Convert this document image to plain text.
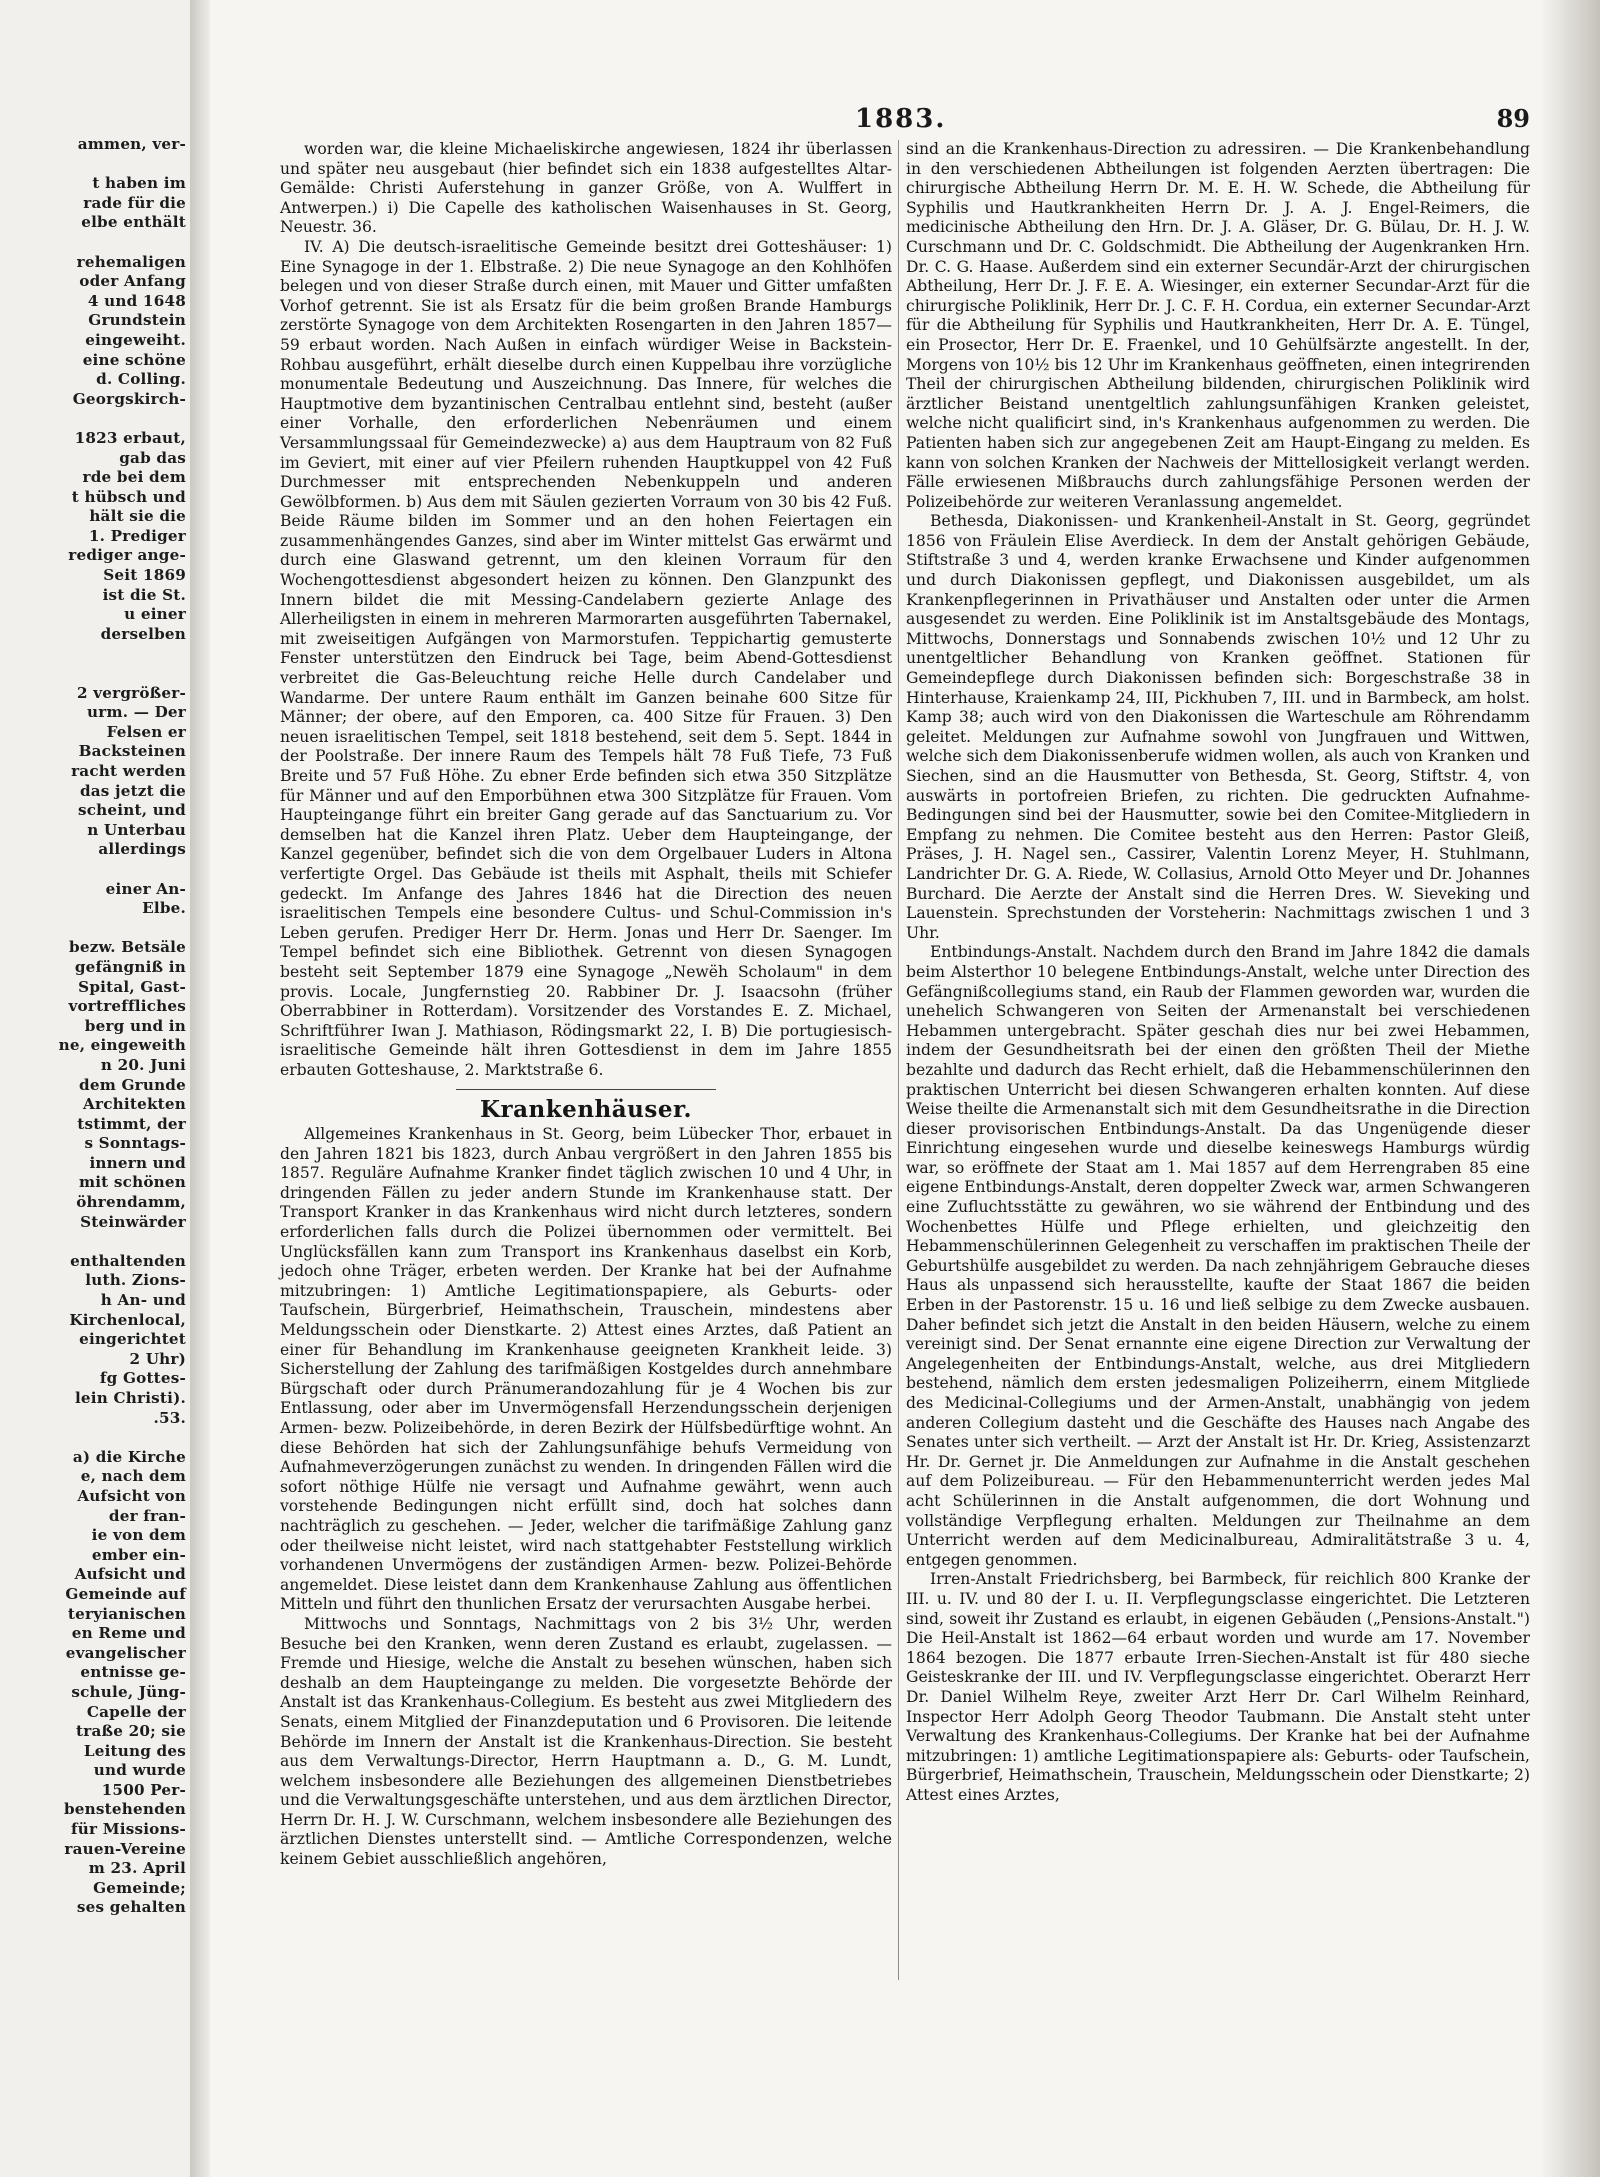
ammen, ver-

t haben im
rade für die
elbe enthält

rehemaligen
oder Anfang
4 und 1648
Grundstein
eingeweiht.
eine schöne
d. Colling.
Georgskirch-

1823 erbaut,
gab das
rde bei dem
t hübsch und
hält sie die
1. Prediger
rediger ange-
Seit 1869
ist die St.
u einer
derselben

2 vergrößer-
urm. — Der
Felsen er
Backsteinen
racht werden
das jetzt die
scheint, und
n Unterbau
allerdings

einer An-
Elbe.

bezw. Betsäle
gefängniß in
Spital, Gast-
vortreffliches
berg und in
ne, eingeweith
n 20. Juni
dem Grunde
Architekten
tstimmt, der
s Sonntags-
innern und
mit schönen
öhrendamm,
Steinwärder

enthaltenden
luth. Zions-
h An- und
Kirchenlocal,
eingerichtet
2 Uhr)
fg Gottes-
lein Christi).
.53.

a) die Kirche
e, nach dem
Aufsicht von
der fran-
ie von dem
ember ein-
Aufsicht und
Gemeinde auf
teryianischen
en Reme und
evangelischer
entnisse ge-
schule, Jüng-
Capelle der
traße 20; sie
Leitung des
und wurde
1500 Per-
benstehenden
für Missions-
rauen-Vereine
m 23. April
Gemeinde;
ses gehalten
1883.	89

worden war, die kleine Michaeliskirche angewiesen, 1824 ihr überlassen und später neu ausgebaut (hier befindet sich ein 1838 aufgestelltes Altar-Gemälde: Christi Auferstehung in ganzer Größe, von A. Wulffert in Antwerpen.) i) Die Capelle des katholischen Waisenhauses in St. Georg, Neuestr. 36.

IV. A) Die deutsch-israelitische Gemeinde besitzt drei Gotteshäuser: 1) Eine Synagoge in der 1. Elbstraße. 2) Die neue Synagoge an den Kohlhöfen belegen und von dieser Straße durch einen, mit Mauer und Gitter umfaßten Vorhof getrennt. Sie ist als Ersatz für die beim großen Brande Hamburgs zerstörte Synagoge von dem Architekten Rosengarten in den Jahren 1857—59 erbaut worden. Nach Außen in einfach würdiger Weise in Backstein-Rohbau ausgeführt, erhält dieselbe durch einen Kuppelbau ihre vorzügliche monumentale Bedeutung und Auszeichnung. Das Innere, für welches die Hauptmotive dem byzantinischen Centralbau entlehnt sind, besteht (außer einer Vorhalle, den erforderlichen Nebenräumen und einem Versammlungssaal für Gemeindezwecke) a) aus dem Hauptraum von 82 Fuß im Geviert, mit einer auf vier Pfeilern ruhenden Hauptkuppel von 42 Fuß Durchmesser mit entsprechenden Nebenkuppeln und anderen Gewölbformen. b) Aus dem mit Säulen gezierten Vorraum von 30 bis 42 Fuß. Beide Räume bilden im Sommer und an den hohen Feiertagen ein zusammenhängendes Ganzes, sind aber im Winter mittelst Gas erwärmt und durch eine Glaswand getrennt, um den kleinen Vorraum für den Wochengottesdienst abgesondert heizen zu können. Den Glanzpunkt des Innern bildet die mit Messing-Candelabern gezierte Anlage des Allerheiligsten in einem in mehreren Marmorarten ausgeführten Tabernakel, mit zweiseitigen Aufgängen von Marmorstufen. Teppichartig gemusterte Fenster unterstützen den Eindruck bei Tage, beim Abend-Gottesdienst verbreitet die Gas-Beleuchtung reiche Helle durch Candelaber und Wandarme. Der untere Raum enthält im Ganzen beinahe 600 Sitze für Männer; der obere, auf den Emporen, ca. 400 Sitze für Frauen. 3) Den neuen israelitischen Tempel, seit 1818 bestehend, seit dem 5. Sept. 1844 in der Poolstraße. Der innere Raum des Tempels hält 78 Fuß Tiefe, 73 Fuß Breite und 57 Fuß Höhe. Zu ebner Erde befinden sich etwa 350 Sitzplätze für Männer und auf den Emporbühnen etwa 300 Sitzplätze für Frauen. Vom Haupteingange führt ein breiter Gang gerade auf das Sanctuarium zu. Vor demselben hat die Kanzel ihren Platz. Ueber dem Haupteingange, der Kanzel gegenüber, befindet sich die von dem Orgelbauer Luders in Altona verfertigte Orgel. Das Gebäude ist theils mit Asphalt, theils mit Schiefer gedeckt. Im Anfange des Jahres 1846 hat die Direction des neuen israelitischen Tempels eine besondere Cultus- und Schul-Commission in's Leben gerufen. Prediger Herr Dr. Herm. Jonas und Herr Dr. Saenger. Im Tempel befindet sich eine Bibliothek. Getrennt von diesen Synagogen besteht seit September 1879 eine Synagoge „Newëh Scholaum" in dem provis. Locale, Jungfernstieg 20. Rabbiner Dr. J. Isaacsohn (früher Oberrabbiner in Rotterdam). Vorsitzender des Vorstandes E. Z. Michael, Schriftführer Iwan J. Mathiason, Rödingsmarkt 22, I. B) Die portugiesisch-israelitische Gemeinde hält ihren Gottesdienst in dem im Jahre 1855 erbauten Gotteshause, 2. Marktstraße 6.

Krankenhäuser.

Allgemeines Krankenhaus in St. Georg, beim Lübecker Thor, erbauet in den Jahren 1821 bis 1823, durch Anbau vergrößert in den Jahren 1855 bis 1857. Reguläre Aufnahme Kranker findet täglich zwischen 10 und 4 Uhr, in dringenden Fällen zu jeder andern Stunde im Krankenhause statt. Der Transport Kranker in das Krankenhaus wird nicht durch letzteres, sondern erforderlichen falls durch die Polizei übernommen oder vermittelt. Bei Unglücksfällen kann zum Transport ins Krankenhaus daselbst ein Korb, jedoch ohne Träger, erbeten werden. Der Kranke hat bei der Aufnahme mitzubringen: 1) Amtliche Legitimationspapiere, als Geburts- oder Taufschein, Bürgerbrief, Heimathschein, Trauschein, mindestens aber Meldungsschein oder Dienstkarte. 2) Attest eines Arztes, daß Patient an einer für Behandlung im Krankenhause geeigneten Krankheit leide. 3) Sicherstellung der Zahlung des tarifmäßigen Kostgeldes durch annehmbare Bürgschaft oder durch Pränumerandozahlung für je 4 Wochen bis zur Entlassung, oder aber im Unvermögensfall Herzendungsschein derjenigen Armen- bezw. Polizeibehörde, in deren Bezirk der Hülfsbedürftige wohnt. An diese Behörden hat sich der Zahlungsunfähige behufs Vermeidung von Aufnahmeverzögerungen zunächst zu wenden. In dringenden Fällen wird die sofort nöthige Hülfe nie versagt und Aufnahme gewährt, wenn auch vorstehende Bedingungen nicht erfüllt sind, doch hat solches dann nachträglich zu geschehen. — Jeder, welcher die tarifmäßige Zahlung ganz oder theilweise nicht leistet, wird nach stattgehabter Feststellung wirklich vorhandenen Unvermögens der zuständigen Armen- bezw. Polizei-Behörde angemeldet. Diese leistet dann dem Krankenhause Zahlung aus öffentlichen Mitteln und führt den thunlichen Ersatz der verursachten Ausgabe herbei.

Mittwochs und Sonntags, Nachmittags von 2 bis 3½ Uhr, werden Besuche bei den Kranken, wenn deren Zustand es erlaubt, zugelassen. — Fremde und Hiesige, welche die Anstalt zu besehen wünschen, haben sich deshalb an dem Haupteingange zu melden. Die vorgesetzte Behörde der Anstalt ist das Krankenhaus-Collegium. Es besteht aus zwei Mitgliedern des Senats, einem Mitglied der Finanzdeputation und 6 Provisoren. Die leitende Behörde im Innern der Anstalt ist die Krankenhaus-Direction. Sie besteht aus dem Verwaltungs-Director, Herrn Hauptmann a. D., G. M. Lundt, welchem insbesondere alle Beziehungen des allgemeinen Dienstbetriebes und die Verwaltungsgeschäfte unterstehen, und aus dem ärztlichen Director, Herrn Dr. H. J. W. Curschmann, welchem insbesondere alle Beziehungen des ärztlichen Dienstes unterstellt sind. — Amtliche Correspondenzen, welche keinem Gebiet ausschließlich angehören,

sind an die Krankenhaus-Direction zu adressiren. — Die Krankenbehandlung in den verschiedenen Abtheilungen ist folgenden Aerzten übertragen: Die chirurgische Abtheilung Herrn Dr. M. E. H. W. Schede, die Abtheilung für Syphilis und Hautkrankheiten Herrn Dr. J. A. J. Engel-Reimers, die medicinische Abtheilung den Hrn. Dr. J. A. Gläser, Dr. G. Bülau, Dr. H. J. W. Curschmann und Dr. C. Goldschmidt. Die Abtheilung der Augenkranken Hrn. Dr. C. G. Haase. Außerdem sind ein externer Secundär-Arzt der chirurgischen Abtheilung, Herr Dr. J. F. E. A. Wiesinger, ein externer Secundar-Arzt für die chirurgische Poliklinik, Herr Dr. J. C. F. H. Cordua, ein externer Secundar-Arzt für die Abtheilung für Syphilis und Hautkrankheiten, Herr Dr. A. E. Tüngel, ein Prosector, Herr Dr. E. Fraenkel, und 10 Gehülfsärzte angestellt. In der, Morgens von 10½ bis 12 Uhr im Krankenhaus geöffneten, einen integrirenden Theil der chirurgischen Abtheilung bildenden, chirurgischen Poliklinik wird ärztlicher Beistand unentgeltlich zahlungsunfähigen Kranken geleistet, welche nicht qualificirt sind, in's Krankenhaus aufgenommen zu werden. Die Patienten haben sich zur angegebenen Zeit am Haupt-Eingang zu melden. Es kann von solchen Kranken der Nachweis der Mittellosigkeit verlangt werden. Fälle erwiesenen Mißbrauchs durch zahlungsfähige Personen werden der Polizeibehörde zur weiteren Veranlassung angemeldet.

Bethesda, Diakonissen- und Krankenheil-Anstalt in St. Georg, gegründet 1856 von Fräulein Elise Averdieck. In dem der Anstalt gehörigen Gebäude, Stiftstraße 3 und 4, werden kranke Erwachsene und Kinder aufgenommen und durch Diakonissen gepflegt, und Diakonissen ausgebildet, um als Krankenpflegerinnen in Privathäuser und Anstalten oder unter die Armen ausgesendet zu werden. Eine Poliklinik ist im Anstaltsgebäude des Montags, Mittwochs, Donnerstags und Sonnabends zwischen 10½ und 12 Uhr zu unentgeltlicher Behandlung von Kranken geöffnet. Stationen für Gemeindepflege durch Diakonissen befinden sich: Borgeschstraße 38 in Hinterhause, Kraienkamp 24, III, Pickhuben 7, III. und in Barmbeck, am holst. Kamp 38; auch wird von den Diakonissen die Warteschule am Röhrendamm geleitet. Meldungen zur Aufnahme sowohl von Jungfrauen und Wittwen, welche sich dem Diakonissenberufe widmen wollen, als auch von Kranken und Siechen, sind an die Hausmutter von Bethesda, St. Georg, Stiftstr. 4, von auswärts in portofreien Briefen, zu richten. Die gedruckten Aufnahme-Bedingungen sind bei der Hausmutter, sowie bei den Comitee-Mitgliedern in Empfang zu nehmen. Die Comitee besteht aus den Herren: Pastor Gleiß, Präses, J. H. Nagel sen., Cassirer, Valentin Lorenz Meyer, H. Stuhlmann, Landrichter Dr. G. A. Riede, W. Collasius, Arnold Otto Meyer und Dr. Johannes Burchard. Die Aerzte der Anstalt sind die Herren Dres. W. Sieveking und Lauenstein. Sprechstunden der Vorsteherin: Nachmittags zwischen 1 und 3 Uhr.

Entbindungs-Anstalt. Nachdem durch den Brand im Jahre 1842 die damals beim Alsterthor 10 belegene Entbindungs-Anstalt, welche unter Direction des Gefängnißcollegiums stand, ein Raub der Flammen geworden war, wurden die unehelich Schwangeren von Seiten der Armenanstalt bei verschiedenen Hebammen untergebracht. Später geschah dies nur bei zwei Hebammen, indem der Gesundheitsrath bei der einen den größten Theil der Miethe bezahlte und dadurch das Recht erhielt, daß die Hebammenschülerinnen den praktischen Unterricht bei diesen Schwangeren erhalten konnten. Auf diese Weise theilte die Armenanstalt sich mit dem Gesundheitsrathe in die Direction dieser provisorischen Entbindungs-Anstalt. Da das Ungenügende dieser Einrichtung eingesehen wurde und dieselbe keineswegs Hamburgs würdig war, so eröffnete der Staat am 1. Mai 1857 auf dem Herrengraben 85 eine eigene Entbindungs-Anstalt, deren doppelter Zweck war, armen Schwangeren eine Zufluchtsstätte zu gewähren, wo sie während der Entbindung und des Wochenbettes Hülfe und Pflege erhielten, und gleichzeitig den Hebammenschülerinnen Gelegenheit zu verschaffen im praktischen Theile der Geburtshülfe ausgebildet zu werden. Da nach zehnjährigem Gebrauche dieses Haus als unpassend sich herausstellte, kaufte der Staat 1867 die beiden Erben in der Pastorenstr. 15 u. 16 und ließ selbige zu dem Zwecke ausbauen. Daher befindet sich jetzt die Anstalt in den beiden Häusern, welche zu einem vereinigt sind. Der Senat ernannte eine eigene Direction zur Verwaltung der Angelegenheiten der Entbindungs-Anstalt, welche, aus drei Mitgliedern bestehend, nämlich dem ersten jedesmaligen Polizeiherrn, einem Mitgliede des Medicinal-Collegiums und der Armen-Anstalt, unabhängig von jedem anderen Collegium dasteht und die Geschäfte des Hauses nach Angabe des Senates unter sich vertheilt. — Arzt der Anstalt ist Hr. Dr. Krieg, Assistenzarzt Hr. Dr. Gernet jr. Die Anmeldungen zur Aufnahme in die Anstalt geschehen auf dem Polizeibureau. — Für den Hebammenunterricht werden jedes Mal acht Schülerinnen in die Anstalt aufgenommen, die dort Wohnung und vollständige Verpflegung erhalten. Meldungen zur Theilnahme an dem Unterricht werden auf dem Medicinalbureau, Admiralitätstraße 3 u. 4, entgegen genommen.

Irren-Anstalt Friedrichsberg, bei Barmbeck, für reichlich 800 Kranke der III. u. IV. und 80 der I. u. II. Verpflegungsclasse eingerichtet. Die Letzteren sind, soweit ihr Zustand es erlaubt, in eigenen Gebäuden („Pensions-Anstalt.") Die Heil-Anstalt ist 1862—64 erbaut worden und wurde am 17. November 1864 bezogen. Die 1877 erbaute Irren-Siechen-Anstalt ist für 480 sieche Geisteskranke der III. und IV. Verpflegungsclasse eingerichtet. Oberarzt Herr Dr. Daniel Wilhelm Reye, zweiter Arzt Herr Dr. Carl Wilhelm Reinhard, Inspector Herr Adolph Georg Theodor Taubmann. Die Anstalt steht unter Verwaltung des Krankenhaus-Collegiums. Der Kranke hat bei der Aufnahme mitzubringen: 1) amtliche Legitimationspapiere als: Geburts- oder Taufschein, Bürgerbrief, Heimathschein, Trauschein, Meldungsschein oder Dienstkarte; 2) Attest eines Arztes,
